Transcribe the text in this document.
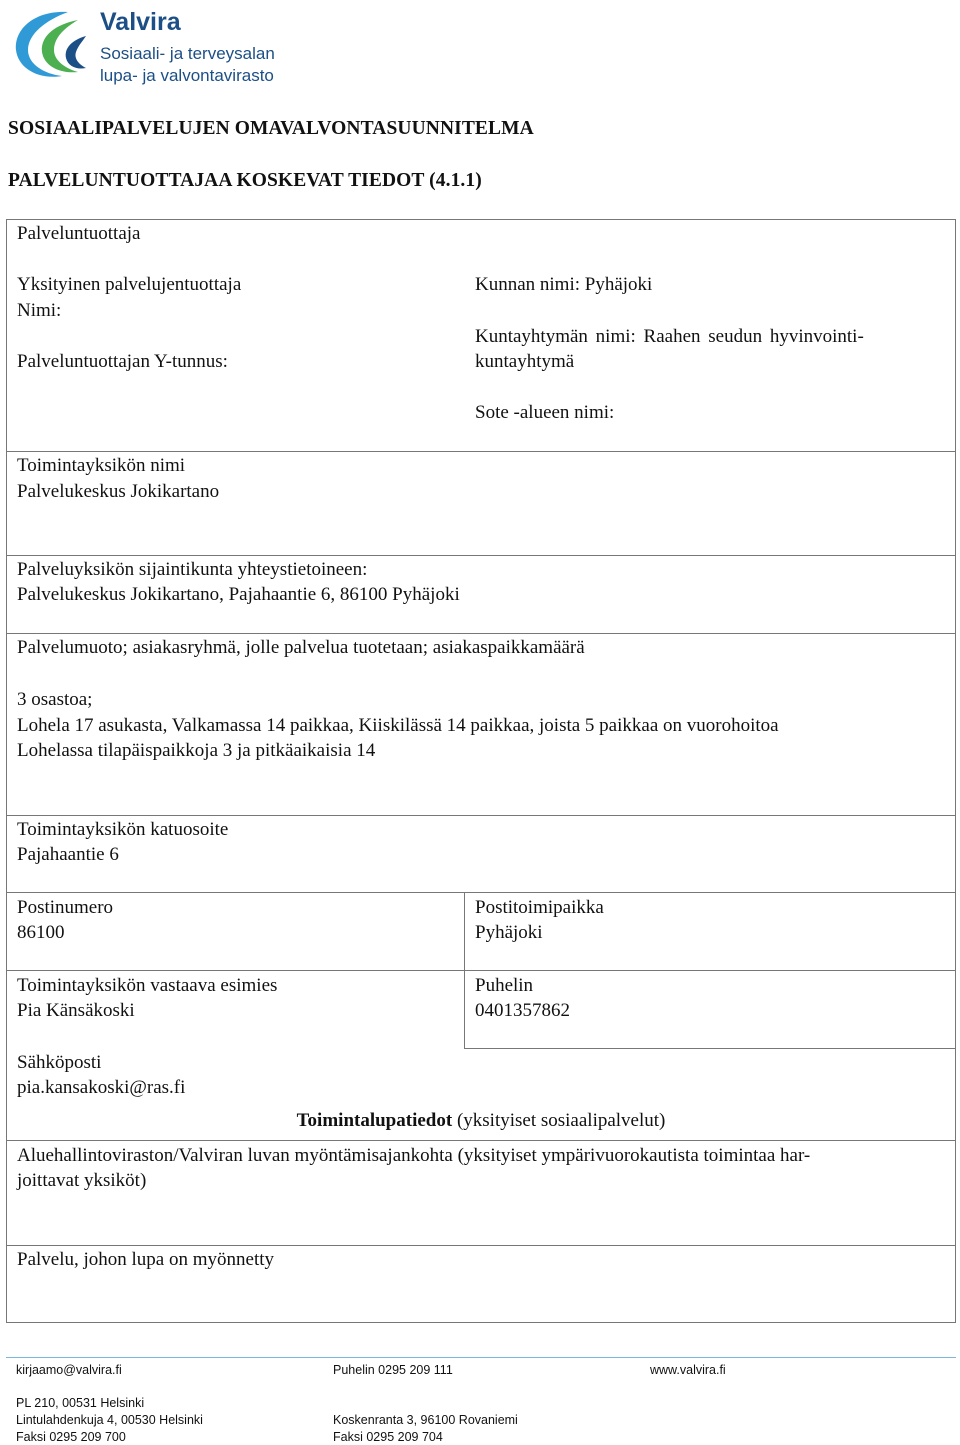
Valvira
Sosiaali- ja terveysalan
lupa- ja valvontavirasto
SOSIAALIPALVELUJEN OMAVALVONTASUUNNITELMA
PALVELUNTUOTTAJAA KOSKEVAT TIEDOT (4.1.1)
Palveluntuottaja
Yksityinen palvelujentuottaja
Nimi:
Palveluntuottajan Y-tunnus:
Kunnan nimi: Pyhäjoki
Kuntayhtymän nimi: Raahen seudun hyvinvointi-
kuntayhtymä
Sote -alueen nimi:
Toimintayksikön nimi
Palvelukeskus Jokikartano
Palveluyksikön sijaintikunta yhteystietoineen:
Palvelukeskus Jokikartano, Pajahaantie 6, 86100 Pyhäjoki
Palvelumuoto; asiakasryhmä, jolle palvelua tuotetaan; asiakaspaikkamäärä
3 osastoa;
Lohela 17 asukasta, Valkamassa 14 paikkaa, Kiiskilässä 14 paikkaa, joista 5 paikkaa on vuorohoitoa
Lohelassa tilapäispaikkoja 3 ja pitkäaikaisia 14
Toimintayksikön katuosoite
Pajahaantie 6
Postinumero
86100
Postitoimipaikka
Pyhäjoki
Toimintayksikön vastaava esimies
Pia Känsäkoski
Puhelin
0401357862
Sähköposti
pia.kansakoski@ras.fi
Toimintalupatiedot (yksityiset sosiaalipalvelut)
Aluehallintoviraston/Valviran luvan myöntämisajankohta (yksityiset ympärivuorokautista toimintaa har-
joittavat yksiköt)
Palvelu, johon lupa on myönnetty
kirjaamo@valvira.fi	Puhelin 0295 209 111	www.valvira.fi
PL 210, 00531 Helsinki
Lintulahdenkuja 4, 00530 Helsinki
Faksi 0295 209 700
Koskenranta 3, 96100 Rovaniemi
Faksi 0295 209 704
